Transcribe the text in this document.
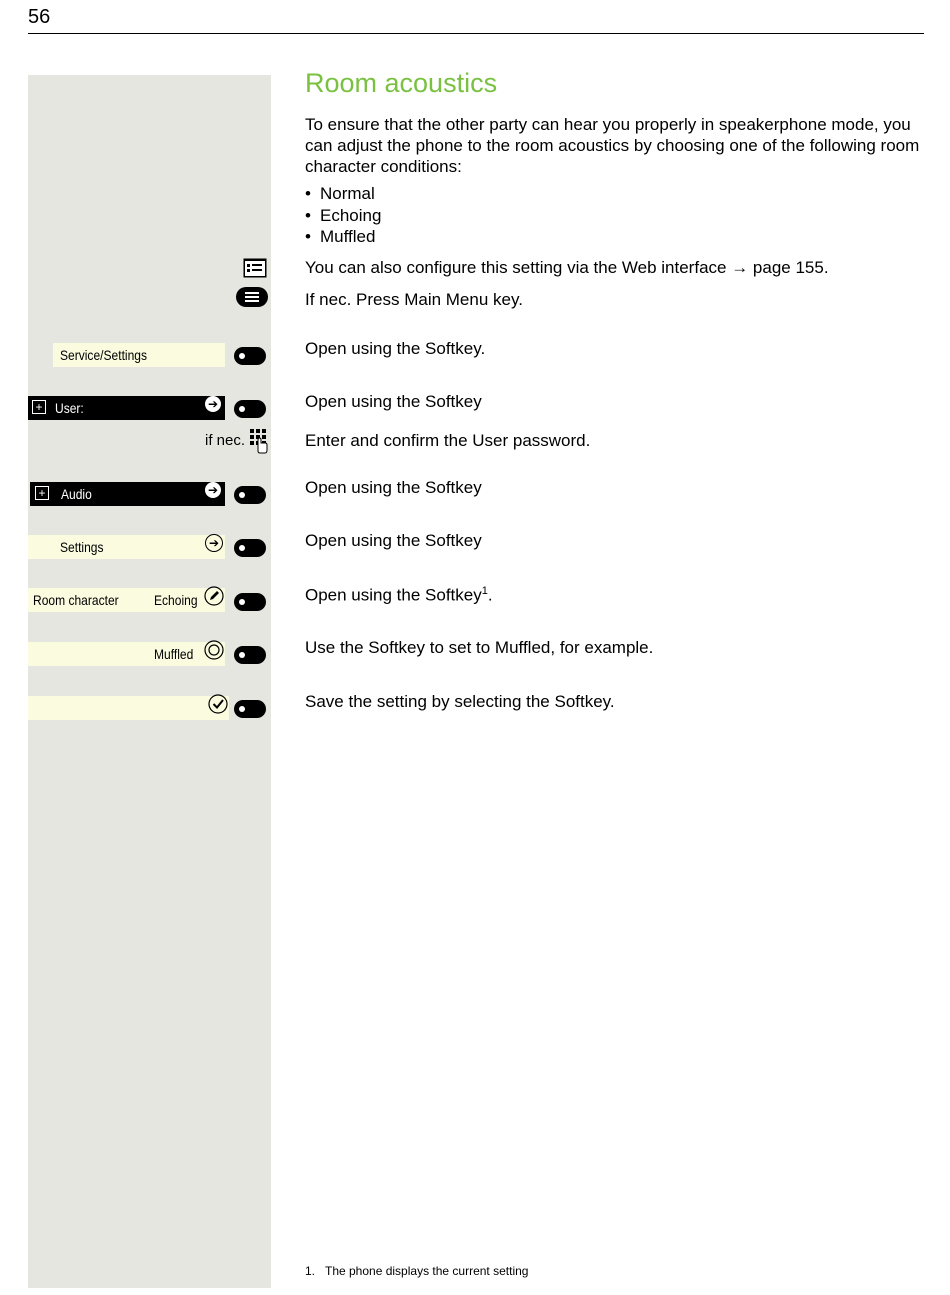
56
Room acoustics
To ensure that the other party can hear you properly in speakerphone mode, you can adjust the phone to the room acoustics by choosing one of the following room character conditions:
• Normal
• Echoing
• Muffled
You can also configure this setting via the Web interface → page 155.
If nec. Press Main Menu key.
Service/Settings	Open using the Softkey.
+ User:	➔	Open using the Softkey
if nec.	Enter and confirm the User password.
+ Audio	➔	Open using the Softkey
Settings	➔	Open using the Softkey
Room character	Echoing	Open using the Softkey$^1$.
Muffled	Use the Softkey to set to Muffled, for example.
Save the setting by selecting the Softkey.
1. The phone displays the current setting
